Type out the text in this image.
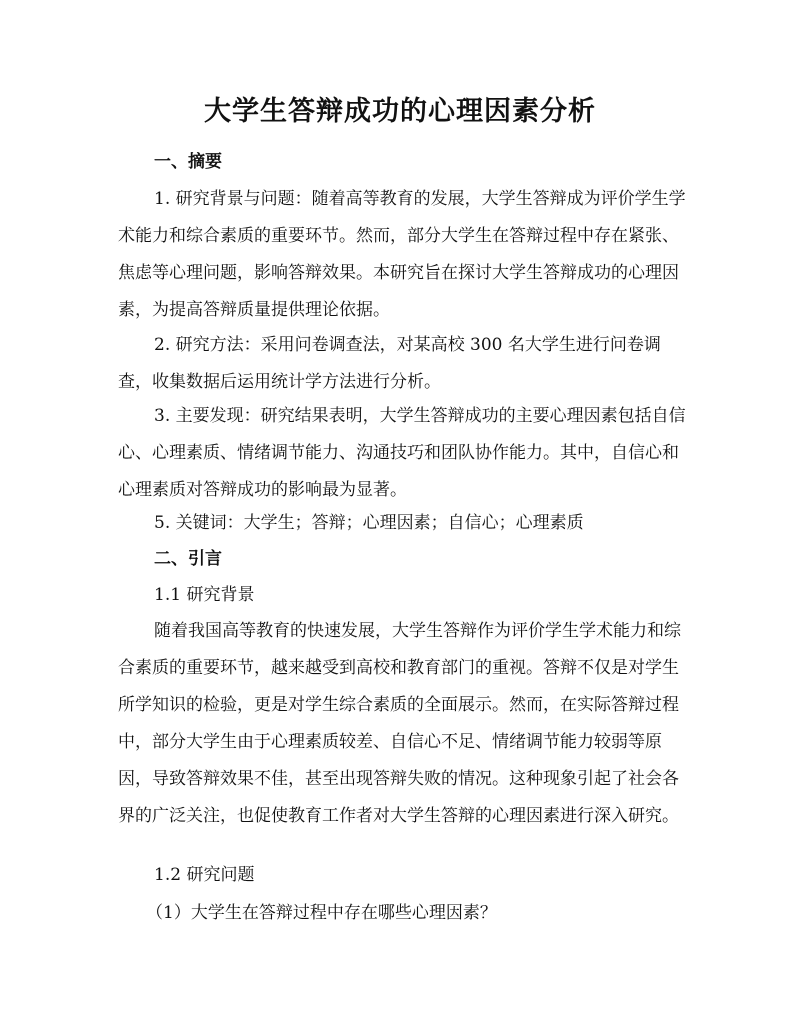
大学生答辩成功的心理因素分析

一、摘要

1. 研究背景与问题：随着高等教育的发展，大学生答辩成为评价学生学术能力和综合素质的重要环节。然而，部分大学生在答辩过程中存在紧张、焦虑等心理问题，影响答辩效果。本研究旨在探讨大学生答辩成功的心理因素，为提高答辩质量提供理论依据。

2. 研究方法：采用问卷调查法，对某高校 300 名大学生进行问卷调查，收集数据后运用统计学方法进行分析。

3. 主要发现：研究结果表明，大学生答辩成功的主要心理因素包括自信心、心理素质、情绪调节能力、沟通技巧和团队协作能力。其中，自信心和心理素质对答辩成功的影响最为显著。

5. 关键词：大学生；答辩；心理因素；自信心；心理素质

二、引言

1.1 研究背景

随着我国高等教育的快速发展，大学生答辩作为评价学生学术能力和综合素质的重要环节，越来越受到高校和教育部门的重视。答辩不仅是对学生所学知识的检验，更是对学生综合素质的全面展示。然而，在实际答辩过程中，部分大学生由于心理素质较差、自信心不足、情绪调节能力较弱等原因，导致答辩效果不佳，甚至出现答辩失败的情况。这种现象引起了社会各界的广泛关注，也促使教育工作者对大学生答辩的心理因素进行深入研究。

1.2 研究问题

（1）大学生在答辩过程中存在哪些心理因素？
